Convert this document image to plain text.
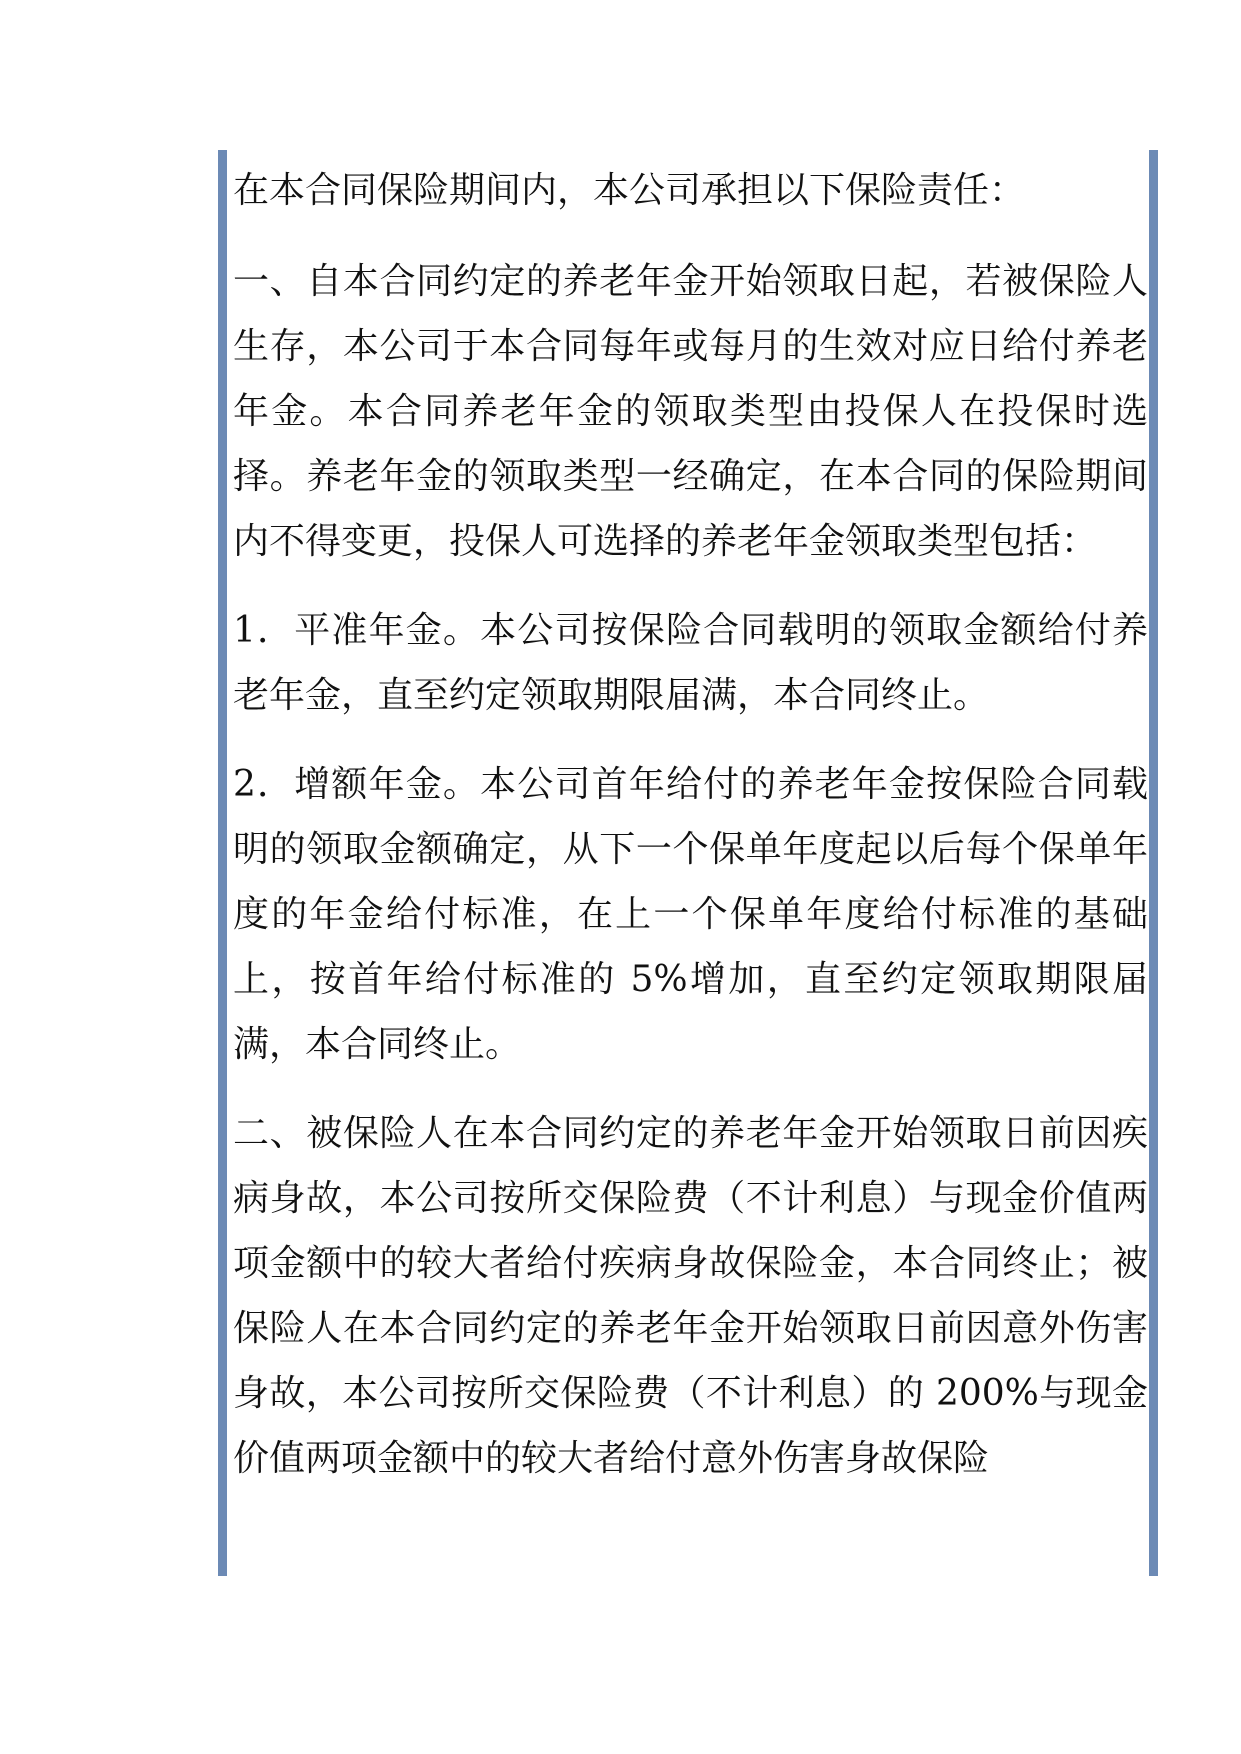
在本合同保险期间内，本公司承担以下保险责任：

一、自本合同约定的养老年金开始领取日起，若被保险人生存，本公司于本合同每年或每月的生效对应日给付养老年金。本合同养老年金的领取类型由投保人在投保时选择。养老年金的领取类型一经确定，在本合同的保险期间内不得变更，投保人可选择的养老年金领取类型包括：

1．平准年金。本公司按保险合同载明的领取金额给付养老年金，直至约定领取期限届满，本合同终止。

2．增额年金。本公司首年给付的养老年金按保险合同载明的领取金额确定，从下一个保单年度起以后每个保单年度的年金给付标准，在上一个保单年度给付标准的基础上，按首年给付标准的 5%增加，直至约定领取期限届满，本合同终止。

二、被保险人在本合同约定的养老年金开始领取日前因疾病身故，本公司按所交保险费（不计利息）与现金价值两项金额中的较大者给付疾病身故保险金，本合同终止；被保险人在本合同约定的养老年金开始领取日前因意外伤害身故，本公司按所交保险费（不计利息）的 200%与现金价值两项金额中的较大者给付意外伤害身故保险
